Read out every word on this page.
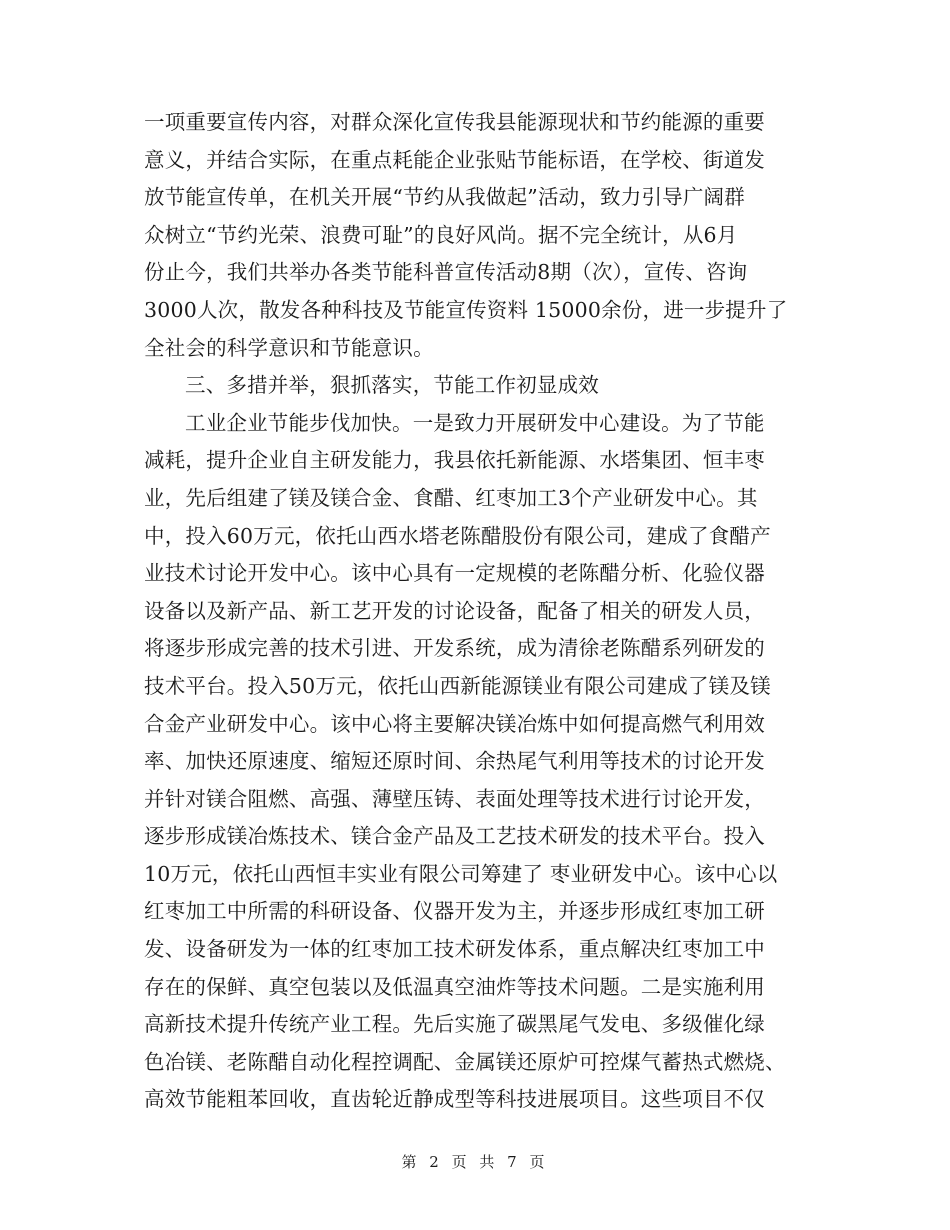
一项重要宣传内容，对群众深化宣传我县能源现状和节约能源的重要
意义，并结合实际，在重点耗能企业张贴节能标语，在学校、街道发
放节能宣传单，在机关开展“节约从我做起”活动，致力引导广阔群
众树立“节约光荣、浪费可耻”的良好风尚。据不完全统计，从6月
份止今，我们共举办各类节能科普宣传活动8期（次），宣传、咨询
3000人次，散发各种科技及节能宣传资料 15000余份，进一步提升了
全社会的科学意识和节能意识。
三、多措并举，狠抓落实，节能工作初显成效
工业企业节能步伐加快。一是致力开展研发中心建设。为了节能
减耗，提升企业自主研发能力，我县依托新能源、水塔集团、恒丰枣
业，先后组建了镁及镁合金、食醋、红枣加工3个产业研发中心。其
中，投入60万元，依托山西水塔老陈醋股份有限公司，建成了食醋产
业技术讨论开发中心。该中心具有一定规模的老陈醋分析、化验仪器
设备以及新产品、新工艺开发的讨论设备，配备了相关的研发人员，
将逐步形成完善的技术引进、开发系统，成为清徐老陈醋系列研发的
技术平台。投入50万元，依托山西新能源镁业有限公司建成了镁及镁
合金产业研发中心。该中心将主要解决镁冶炼中如何提高燃气利用效
率、加快还原速度、缩短还原时间、余热尾气利用等技术的讨论开发
并针对镁合阻燃、高强、薄壁压铸、表面处理等技术进行讨论开发，
逐步形成镁冶炼技术、镁合金产品及工艺技术研发的技术平台。投入
10万元，依托山西恒丰实业有限公司筹建了 枣业研发中心。该中心以
红枣加工中所需的科研设备、仪器开发为主，并逐步形成红枣加工研
发、设备研发为一体的红枣加工技术研发体系，重点解决红枣加工中
存在的保鲜、真空包装以及低温真空油炸等技术问题。二是实施利用
高新技术提升传统产业工程。先后实施了碳黑尾气发电、多级催化绿
色冶镁、老陈醋自动化程控调配、金属镁还原炉可控煤气蓄热式燃烧、
高效节能粗苯回收，直齿轮近静成型等科技进展项目。这些项目不仅
第 2 页 共 7 页
